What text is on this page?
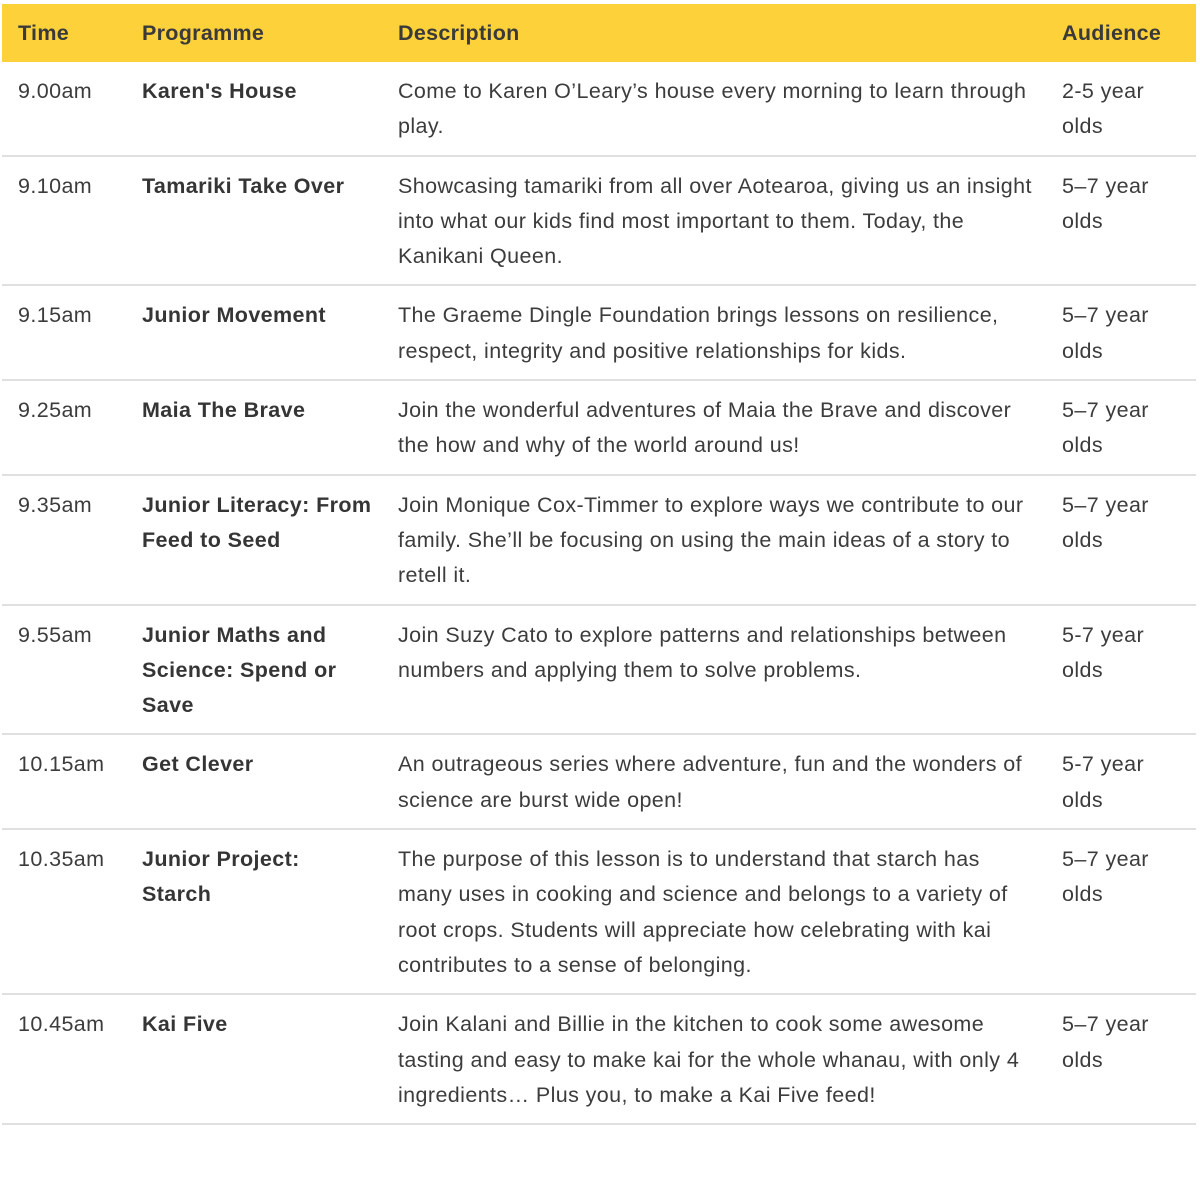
Time	Programme	Description	Audience
9.00am	Karen's House	Come to Karen O’Leary’s house every morning to learn through play.	2-5 year olds
9.10am	Tamariki Take Over	Showcasing tamariki from all over Aotearoa, giving us an insight into what our kids find most important to them. Today, the Kanikani Queen.	5–7 year olds
9.15am	Junior Movement	The Graeme Dingle Foundation brings lessons on resilience, respect, integrity and positive relationships for kids.	5–7 year olds
9.25am	Maia The Brave	Join the wonderful adventures of Maia the Brave and discover the how and why of the world around us!	5–7 year olds
9.35am	Junior Literacy: From Feed to Seed	Join Monique Cox-Timmer to explore ways we contribute to our family. She’ll be focusing on using the main ideas of a story to retell it.	5–7 year olds
9.55am	Junior Maths and Science: Spend or Save	Join Suzy Cato to explore patterns and relationships between numbers and applying them to solve problems.	5-7 year olds
10.15am	Get Clever	An outrageous series where adventure, fun and the wonders of science are burst wide open!	5-7 year olds
10.35am	Junior Project: Starch	The purpose of this lesson is to understand that starch has many uses in cooking and science and belongs to a variety of root crops. Students will appreciate how celebrating with kai contributes to a sense of belonging.	5–7 year olds
10.45am	Kai Five	Join Kalani and Billie in the kitchen to cook some awesome tasting and easy to make kai for the whole whanau, with only 4 ingredients… Plus you, to make a Kai Five feed!	5–7 year olds
